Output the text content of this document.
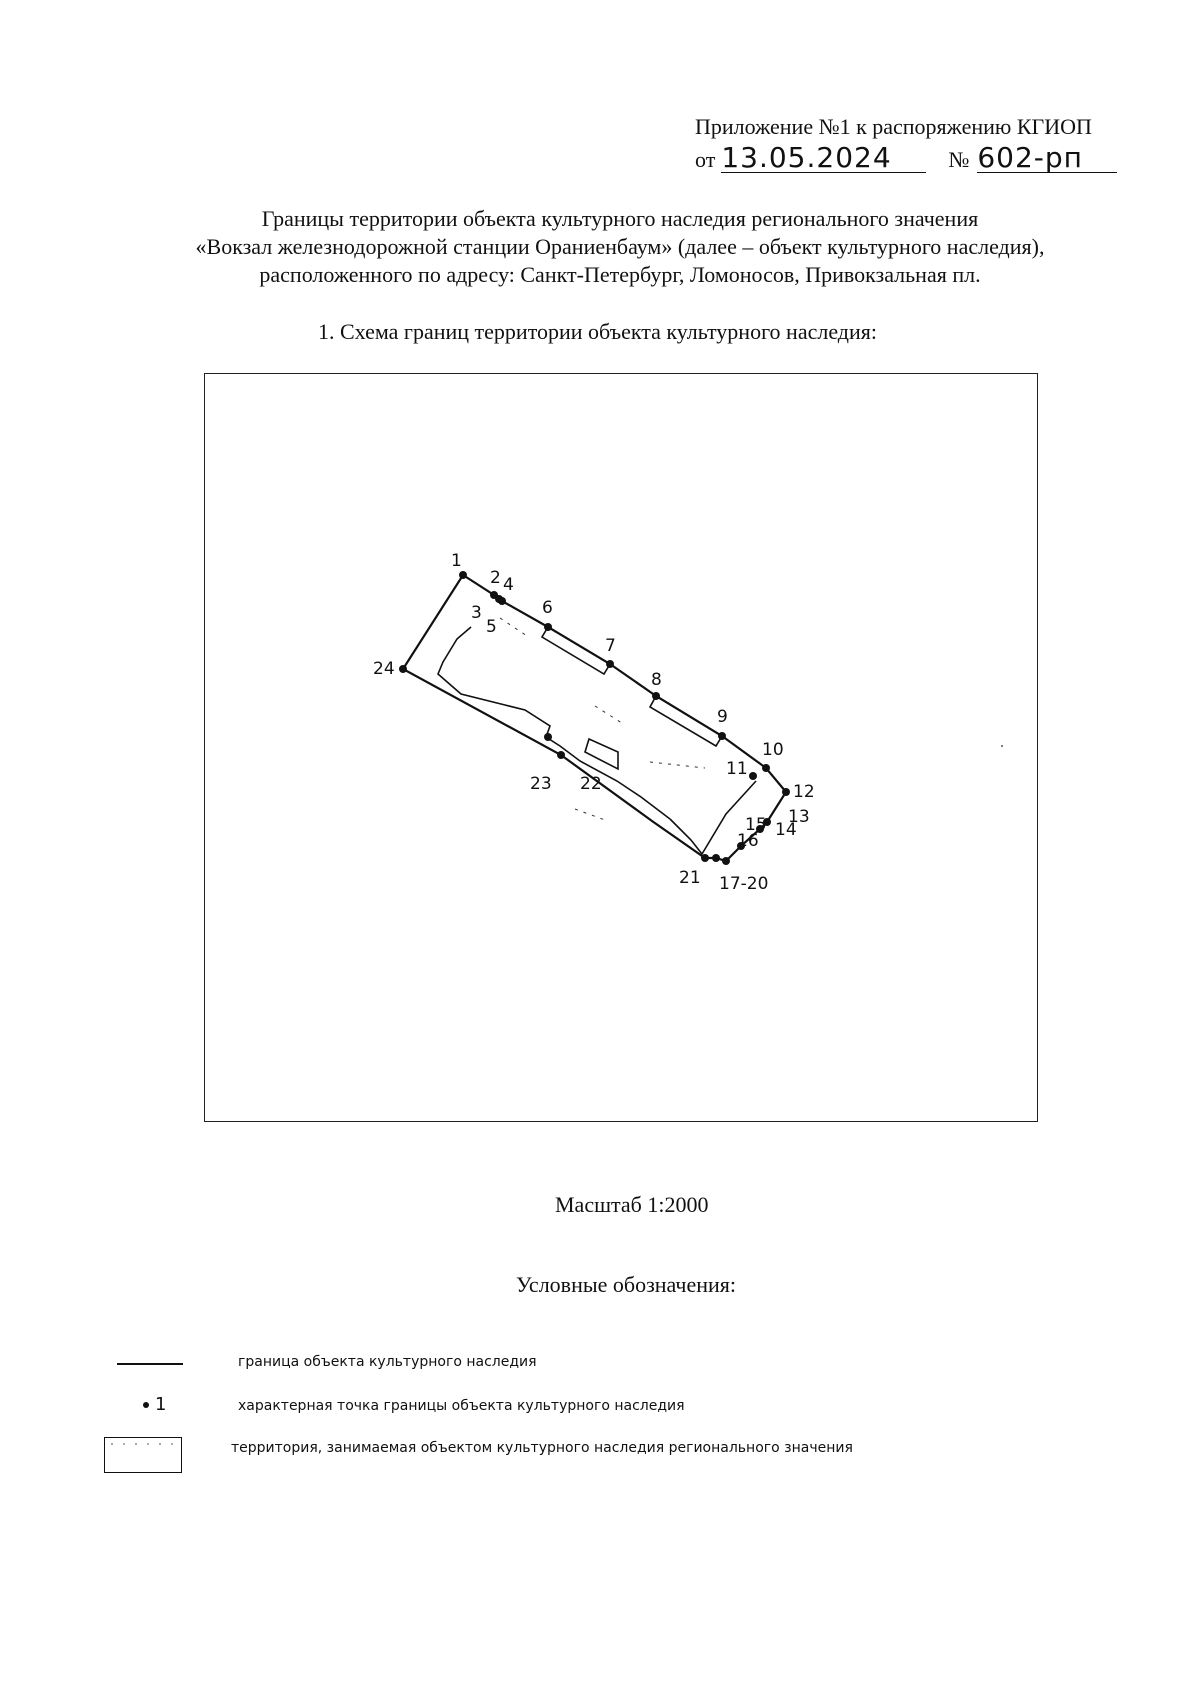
Приложение №1 к распоряжению КГИОП
от 13.05.2024	№ 602-рп
Границы территории объекта культурного наследия регионального значения
«Вокзал железнодорожной станции Ораниенбаум» (далее – объект культурного наследия),
расположенного по адресу: Санкт-Петербург, Ломоносов, Привокзальная пл.
1. Схема границ территории объекта культурного наследия:
1
2
3
4
5
6
7
8
9
10
11
12
13
14
15
16
17-20
21
22
23
24
Масштаб 1:2000
Условные обозначения:
граница объекта культурного наследия
1	характерная точка границы объекта культурного наследия
территория, занимаемая объектом культурного наследия регионального значения
